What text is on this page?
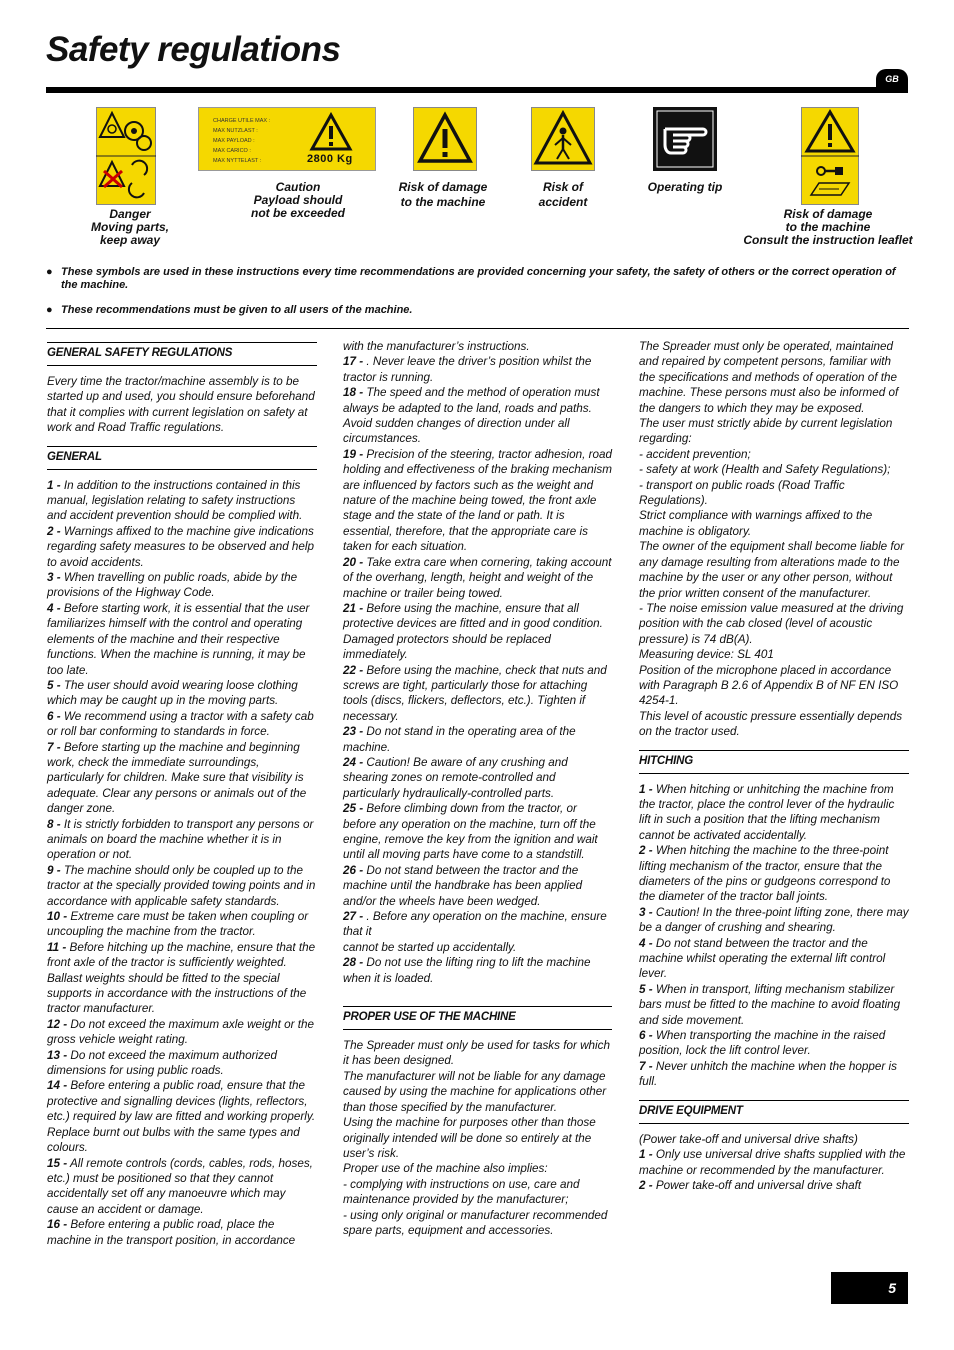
Safety regulations
GB
Danger
Moving parts,
keep away
CHARGE UTILE MAX :
MAX NUTZLAST :
MAX PAYLOAD :
MAX CARICO :
MAX NYTTELAST :	2800 Kg
Caution
Payload should
not be exceeded
Risk of damage
to the machine
Risk of
accident
Operating tip
Risk of damage
to the machine
Consult the instruction leaflet
● These symbols are used in these instructions every time recommendations are provided concerning your safety, the safety of others or the correct operation of the machine.
● These recommendations must be given to all users of the machine.
GENERAL SAFETY REGULATIONS

Every time the tractor/machine assembly is to be started up and used, you should ensure beforehand that it complies with current legislation on safety at work and Road Traffic regulations.

GENERAL

1 - In addition to the instructions contained in this manual, legislation relating to safety instructions and accident prevention should be complied with.

2 - Warnings affixed to the machine give indications regarding safety measures to be observed and help to avoid accidents.

3 - When travelling on public roads, abide by the provisions of the Highway Code.

4 - Before starting work, it is essential that the user familiarizes himself with the control and operating elements of the machine and their respective functions. When the machine is running, it may be too late.

5 - The user should avoid wearing loose clothing which may be caught up in the moving parts.

6 - We recommend using a tractor with a safety cab or roll bar conforming to standards in force.

7 - Before starting up the machine and beginning work, check the immediate surroundings, particularly for children. Make sure that visibility is adequate. Clear any persons or animals out of the danger zone.

8 - It is strictly forbidden to transport any persons or animals on board the machine whether it is in operation or not.

9 - The machine should only be coupled up to the tractor at the specially provided towing points and in accordance with applicable safety standards.

10 - Extreme care must be taken when coupling or uncoupling the machine from the tractor.

11 - Before hitching up the machine, ensure that the front axle of the tractor is sufficiently weighted. Ballast weights should be fitted to the special supports in accordance with the instructions of the tractor manufacturer.

12 - Do not exceed the maximum axle weight or the gross vehicle weight rating.

13 - Do not exceed the maximum authorized dimensions for using public roads.

14 - Before entering a public road, ensure that the protective and signalling devices (lights, reflectors, etc.) required by law are fitted and working properly. Replace burnt out bulbs with the same types and colours.

15 - All remote controls (cords, cables, rods, hoses, etc.) must be positioned so that they cannot accidentally set off any manoeuvre which may cause an accident or damage.

16 - Before entering a public road, place the machine in the transport position, in accordance

with the manufacturer’s instructions.

17 - . Never leave the driver’s position whilst the tractor is running.

18 - The speed and the method of operation must always be adapted to the land, roads and paths. Avoid sudden changes of direction under all circumstances.

19 - Precision of the steering, tractor adhesion, road holding and effectiveness of the braking mechanism are influenced by factors such as the weight and nature of the machine being towed, the front axle stage and the state of the land or path. It is essential, therefore, that the appropriate care is taken for each situation.

20 - Take extra care when cornering, taking account of the overhang, length, height and weight of the machine or trailer being towed.

21 - Before using the machine, ensure that all protective devices are fitted and in good condition. Damaged protectors should be replaced immediately.

22 - Before using the machine, check that nuts and screws are tight, particularly those for attaching tools (discs, flickers, deflectors, etc.). Tighten if necessary.

23 - Do not stand in the operating area of the machine.

24 - Caution! Be aware of any crushing and shearing zones on remote-controlled and particularly hydraulically-controlled parts.

25 - Before climbing down from the tractor, or before any operation on the machine, turn off the engine, remove the key from the ignition and wait until all moving parts have come to a standstill.

26 - Do not stand between the tractor and the machine until the handbrake has been applied and/or the wheels have been wedged.

27 - . Before any operation on the machine, ensure that it

cannot be started up accidentally.

28 - Do not use the lifting ring to lift the machine when it is loaded.

PROPER USE OF THE MACHINE

The Spreader must only be used for tasks for which it has been designed.

The manufacturer will not be liable for any damage caused by using the machine for applications other than those specified by the manufacturer.

Using the machine for purposes other than those originally intended will be done so entirely at the user’s risk.

Proper use of the machine also implies:

- complying with instructions on use, care and maintenance provided by the manufacturer;

- using only original or manufacturer recommended spare parts, equipment and accessories.

The Spreader must only be operated, maintained and repaired by competent persons, familiar with the specifications and methods of operation of the machine. These persons must also be informed of the dangers to which they may be exposed.

The user must strictly abide by current legislation regarding:

- accident prevention;

- safety at work (Health and Safety Regulations);

- transport on public roads (Road Traffic Regulations).

Strict compliance with warnings affixed to the machine is obligatory.

The owner of the equipment shall become liable for any damage resulting from alterations made to the machine by the user or any other person, without the prior written consent of the manufacturer.

- The noise emission value measured at the driving position with the cab closed (level of acoustic pressure) is 74 dB(A).

Measuring device: SL 401

Position of the microphone placed in accordance with Paragraph B 2.6 of Appendix B of NF EN ISO 4254-1.

This level of acoustic pressure essentially depends on the tractor used.

HITCHING

1 - When hitching or unhitching the machine from the tractor, place the control lever of the hydraulic lift in such a position that the lifting mechanism cannot be activated accidentally.

2 - When hitching the machine to the three-point lifting mechanism of the tractor, ensure that the diameters of the pins or gudgeons correspond to the diameter of the tractor ball joints.

3 - Caution! In the three-point lifting zone, there may be a danger of crushing and shearing.

4 - Do not stand between the tractor and the machine whilst operating the external lift control lever.

5 - When in transport, lifting mechanism stabilizer bars must be fitted to the machine to avoid floating and side movement.

6 - When transporting the machine in the raised position, lock the lift control lever.

7 - Never unhitch the machine when the hopper is full.

DRIVE EQUIPMENT

(Power take-off and universal drive shafts)

1 - Only use universal drive shafts supplied with the machine or recommended by the manufacturer.

2 - Power take-off and universal drive shaft

5
